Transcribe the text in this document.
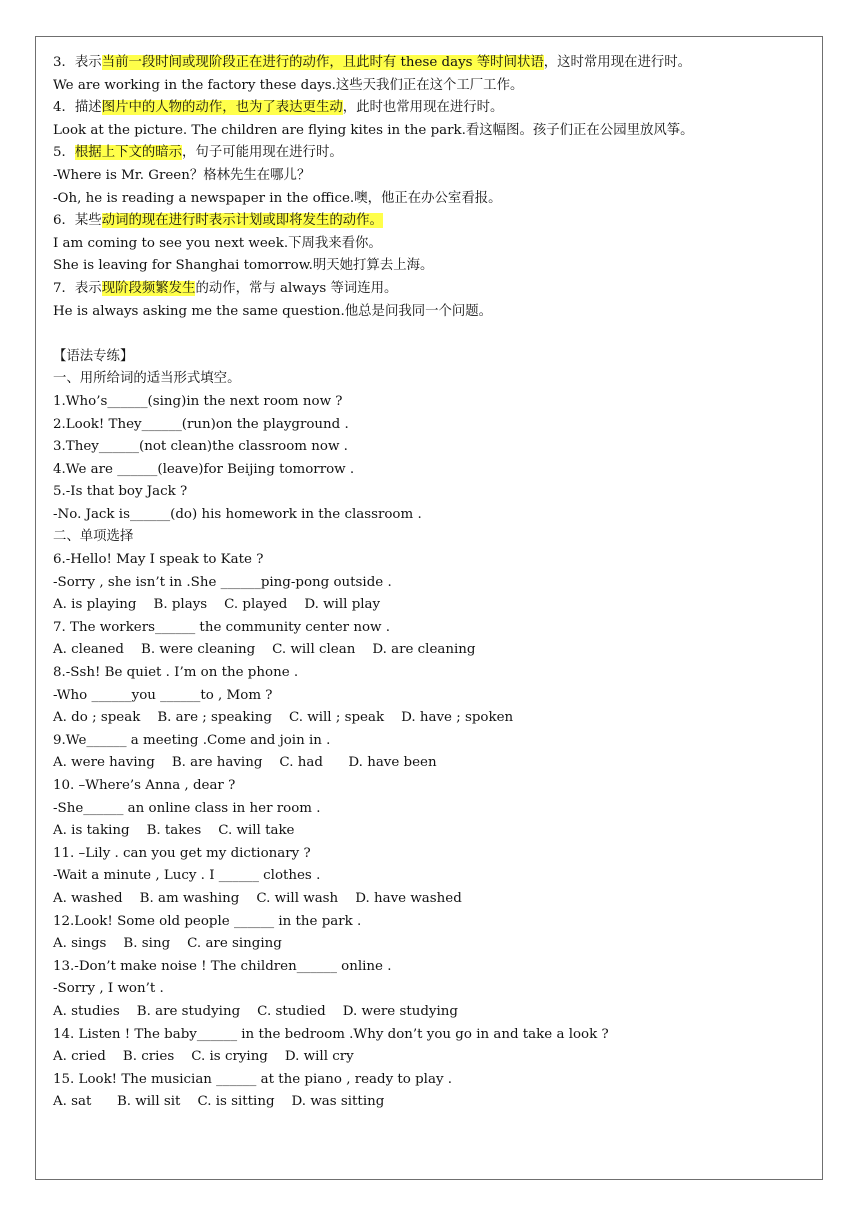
3．表示当前一段时间或现阶段正在进行的动作，且此时有 these days 等时间状语，这时常用现在进行时。
We are working in the factory these days.这些天我们正在这个工厂工作。
4．描述图片中的人物的动作，也为了表达更生动，此时也常用现在进行时。
Look at the picture. The children are flying kites in the park.看这幅图。孩子们正在公园里放风筝。
5．根据上下文的暗示，句子可能用现在进行时。
-Where is Mr. Green？格林先生在哪儿？
-Oh, he is reading a newspaper in the office.噢，他正在办公室看报。
6．某些动词的现在进行时表示计划或即将发生的动作。
I am coming to see you next week.下周我来看你。
She is leaving for Shanghai tomorrow.明天她打算去上海。
7．表示现阶段频繁发生的动作，常与 always 等词连用。
He is always asking me the same question.他总是问我同一个问题。
【语法专练】
一、用所给词的适当形式填空。
1.Who’s______(sing)in the next room now ?
2.Look! They______(run)on the playground .
3.They______(not clean)the classroom now .
4.We are ______(leave)for Beijing tomorrow .
5.-Is that boy Jack ?
-No. Jack is______(do) his homework in the classroom .
二、单项选择
6.-Hello! May I speak to Kate ?
-Sorry , she isn’t in .She ______ping-pong outside .
A. is playing    B. plays    C. played    D. will play
7. The workers______ the community center now .
A. cleaned    B. were cleaning    C. will clean    D. are cleaning
8.-Ssh! Be quiet . I’m on the phone .
-Who ______you ______to , Mom ?
A. do ; speak    B. are ; speaking    C. will ; speak    D. have ; spoken
9.We______ a meeting .Come and join in .
A. were having    B. are having    C. had      D. have been
10. –Where’s Anna , dear ?
-She______ an online class in her room .
A. is taking    B. takes    C. will take
11. –Lily . can you get my dictionary ?
-Wait a minute , Lucy . I ______ clothes .
A. washed    B. am washing    C. will wash    D. have washed
12.Look! Some old people ______ in the park .
A. sings    B. sing    C. are singing
13.-Don’t make noise ! The children______ online .
-Sorry , I won’t .
A. studies    B. are studying    C. studied    D. were studying
14. Listen ! The baby______ in the bedroom .Why don’t you go in and take a look ?
A. cried    B. cries    C. is crying    D. will cry
15. Look! The musician ______ at the piano , ready to play .
A. sat      B. will sit    C. is sitting    D. was sitting
